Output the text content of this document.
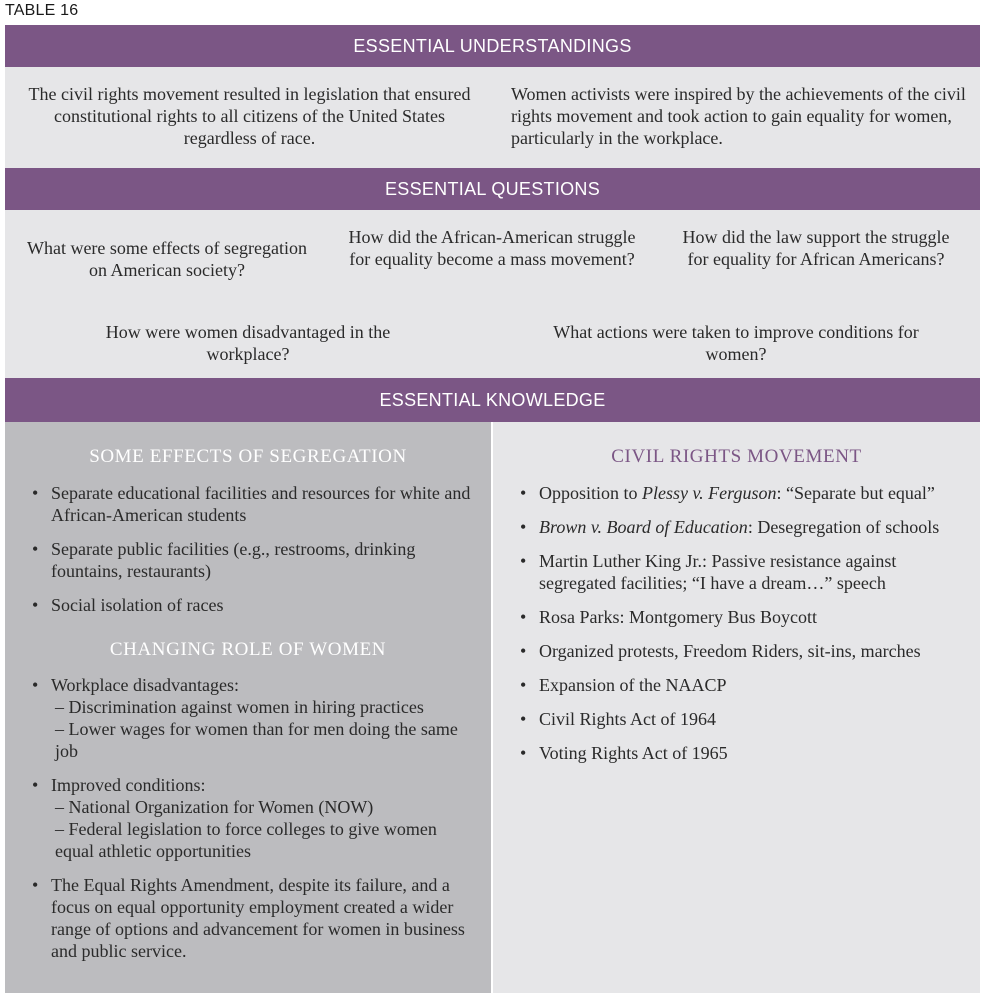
TABLE 16
ESSENTIAL UNDERSTANDINGS
The civil rights movement resulted in legislation that ensured constitutional rights to all citizens of the United States regardless of race.
Women activists were inspired by the achievements of the civil rights movement and took action to gain equality for women, particularly in the workplace.
ESSENTIAL QUESTIONS
What were some effects of segregation on American society?
How did the African-American struggle for equality become a mass movement?
How did the law support the struggle for equality for African Americans?
How were women disadvantaged in the workplace?
What actions were taken to improve conditions for women?
ESSENTIAL KNOWLEDGE
SOME EFFECTS OF SEGREGATION
• Separate educational facilities and resources for white and African-American students
• Separate public facilities (e.g., restrooms, drinking fountains, restaurants)
• Social isolation of races
CHANGING ROLE OF WOMEN
• Workplace disadvantages:
– Discrimination against women in hiring practices
– Lower wages for women than for men doing the same job
• Improved conditions:
– National Organization for Women (NOW)
– Federal legislation to force colleges to give women equal athletic opportunities
• The Equal Rights Amendment, despite its failure, and a focus on equal opportunity employment created a wider range of options and advancement for women in business and public service.
CIVIL RIGHTS MOVEMENT
• Opposition to Plessy v. Ferguson: “Separate but equal”
• Brown v. Board of Education: Desegregation of schools
• Martin Luther King Jr.: Passive resistance against segregated facilities; “I have a dream…” speech
• Rosa Parks: Montgomery Bus Boycott
• Organized protests, Freedom Riders, sit-ins, marches
• Expansion of the NAACP
• Civil Rights Act of 1964
• Voting Rights Act of 1965
